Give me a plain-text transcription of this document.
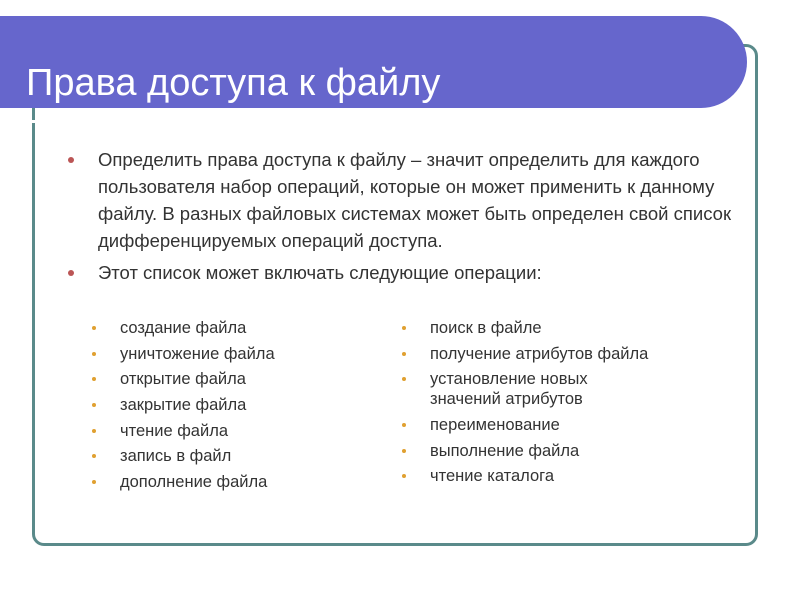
Права доступа к файлу
Определить права доступа к файлу – значит определить для каждого пользователя набор операций, которые он может применить к данному файлу. В разных файловых системах может быть определен свой список дифференцируемых операций доступа.
Этот список может включать следующие операции:
создание файла
уничтожение файла
открытие файла
закрытие файла
чтение файла
запись в файл
дополнение файла
поиск в файле
получение атрибутов файла
установление новых значений атрибутов
переименование
выполнение файла
чтение каталога
